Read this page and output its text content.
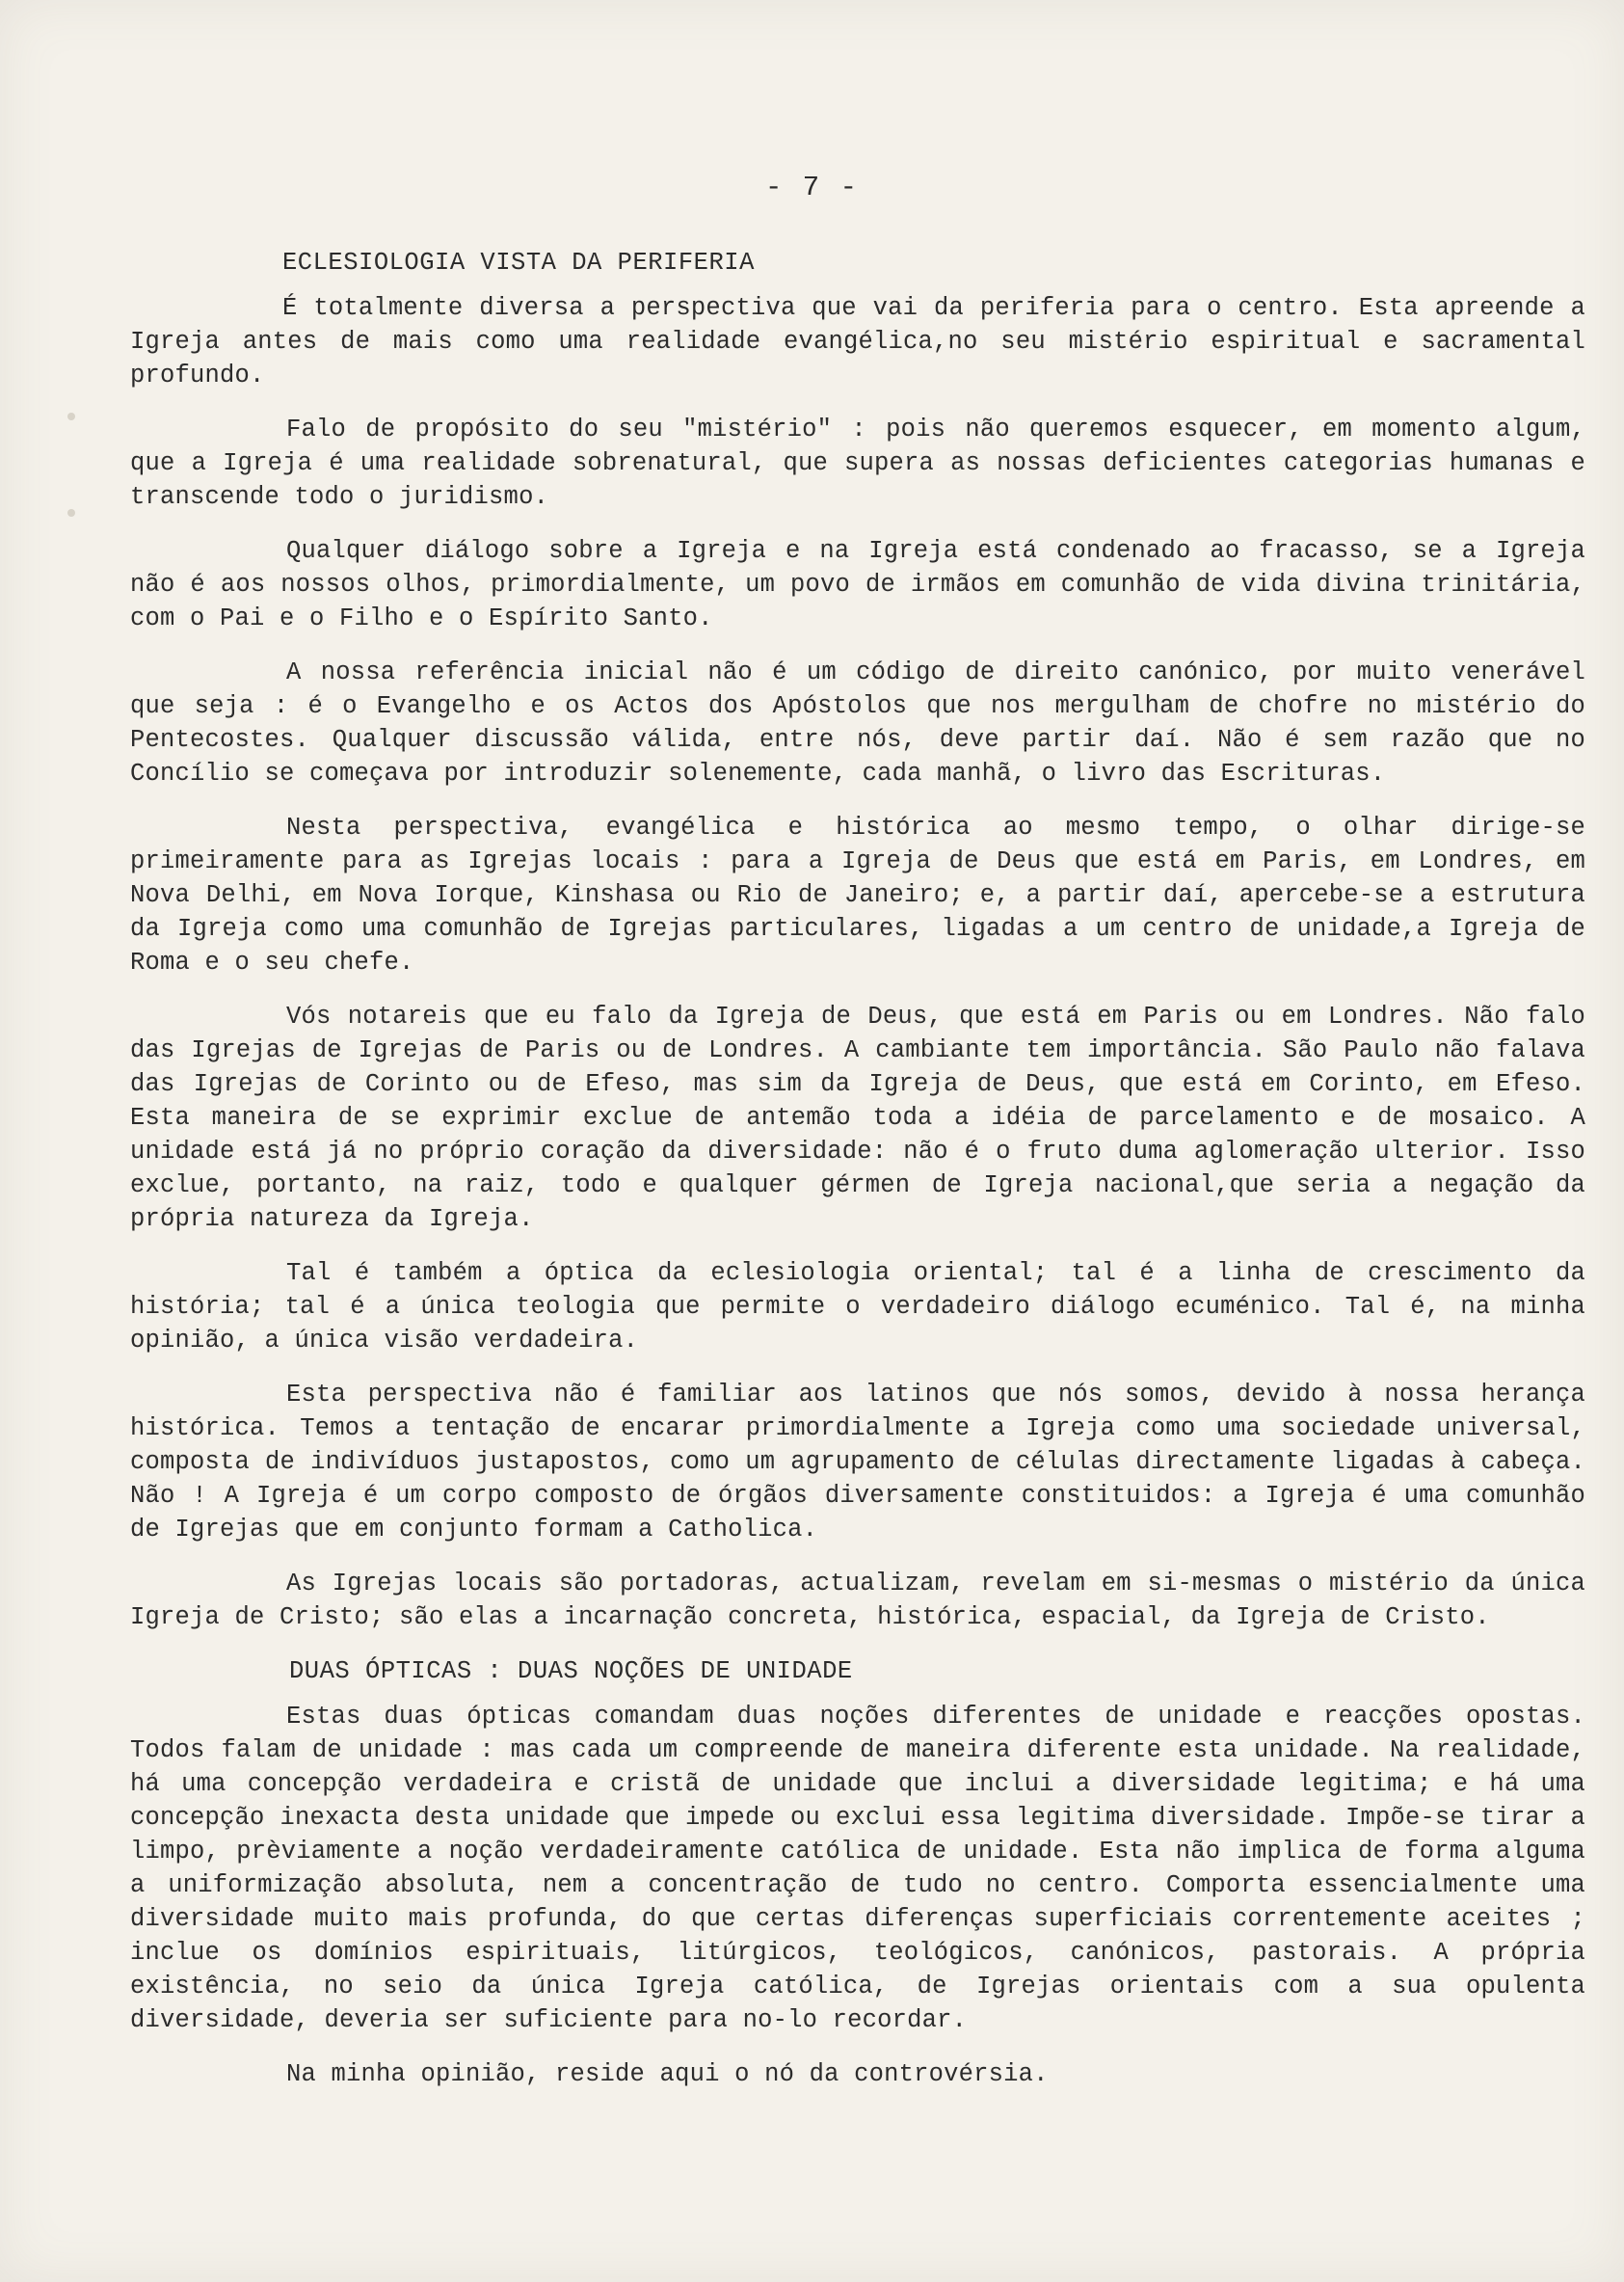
- 7 -
ECLESIOLOGIA VISTA DA PERIFERIA

É totalmente diversa a perspectiva que vai da periferia para o centro. Esta apreende a Igreja antes de mais como uma realidade evangélica,no seu mistério espiritual e sacramental profundo.

Falo de propósito do seu "mistério" : pois não queremos esquecer, em momento algum, que a Igreja é uma realidade sobrenatural, que supera as nossas deficientes categorias humanas e transcende todo o juridismo.

Qualquer diálogo sobre a Igreja e na Igreja está condenado ao fracasso, se a Igreja não é aos nossos olhos, primordialmente, um povo de irmãos em comunhão de vida divina trinitária, com o Pai e o Filho e o Espírito Santo.

A nossa referência inicial não é um código de direito canónico, por muito venerável que seja : é o Evangelho e os Actos dos Apóstolos que nos mergulham de chofre no mistério do Pentecostes. Qualquer discussão válida, entre nós, deve partir daí. Não é sem razão que no Concílio se começava por introduzir solenemente, cada manhã, o livro das Escrituras.

Nesta perspectiva, evangélica e histórica ao mesmo tempo, o olhar dirige-se primeiramente para as Igrejas locais : para a Igreja de Deus que está em Paris, em Londres, em Nova Delhi, em Nova Iorque, Kinshasa ou Rio de Janeiro; e, a partir daí, apercebe-se a estrutura da Igreja como uma comunhão de Igrejas particulares, ligadas a um centro de unidade,a Igreja de Roma e o seu chefe.

Vós notareis que eu falo da Igreja de Deus, que está em Paris ou em Londres. Não falo das Igrejas de Igrejas de Paris ou de Londres. A cambiante tem importância. São Paulo não falava das Igrejas de Corinto ou de Efeso, mas sim da Igreja de Deus, que está em Corinto, em Efeso. Esta maneira de se exprimir exclue de antemão toda a idéia de parcelamento e de mosaico. A unidade está já no próprio coração da diversidade: não é o fruto duma aglomeração ulterior. Isso exclue, portanto, na raiz, todo e qualquer gérmen de Igreja nacional,que seria a negação da própria natureza da Igreja.

Tal é também a óptica da eclesiologia oriental; tal é a linha de crescimento da história; tal é a única teologia que permite o verdadeiro diálogo ecuménico. Tal é, na minha opinião, a única visão verdadeira.

Esta perspectiva não é familiar aos latinos que nós somos, devido à nossa herança histórica. Temos a tentação de encarar primordialmente a Igreja como uma sociedade universal, composta de indivíduos justapostos, como um agrupamento de células directamente ligadas à cabeça. Não ! A Igreja é um corpo composto de órgãos diversamente constituidos: a Igreja é uma comunhão de Igrejas que em conjunto formam a Catholica.

As Igrejas locais são portadoras, actualizam, revelam em si-mesmas o mistério da única Igreja de Cristo; são elas a incarnação concreta, histórica, espacial, da Igreja de Cristo.

DUAS ÓPTICAS : DUAS NOÇÕES DE UNIDADE

Estas duas ópticas comandam duas noções diferentes de unidade e reacções opostas. Todos falam de unidade : mas cada um compreende de maneira diferente esta unidade. Na realidade, há uma concepção verdadeira e cristã de unidade que inclui a diversidade legitima; e há uma concepção inexacta desta unidade que impede ou exclui essa legitima diversidade. Impõe-se tirar a limpo, prèviamente a noção verdadeiramente católica de unidade. Esta não implica de forma alguma a uniformização absoluta, nem a concentração de tudo no centro. Comporta essencialmente uma diversidade muito mais profunda, do que certas diferenças superficiais correntemente aceites ; inclue os domínios espirituais, litúrgicos, teológicos, canónicos, pastorais. A própria existência, no seio da única Igreja católica, de Igrejas orientais com a sua opulenta diversidade, deveria ser suficiente para no-lo recordar.

Na minha opinião, reside aqui o nó da controvérsia.
